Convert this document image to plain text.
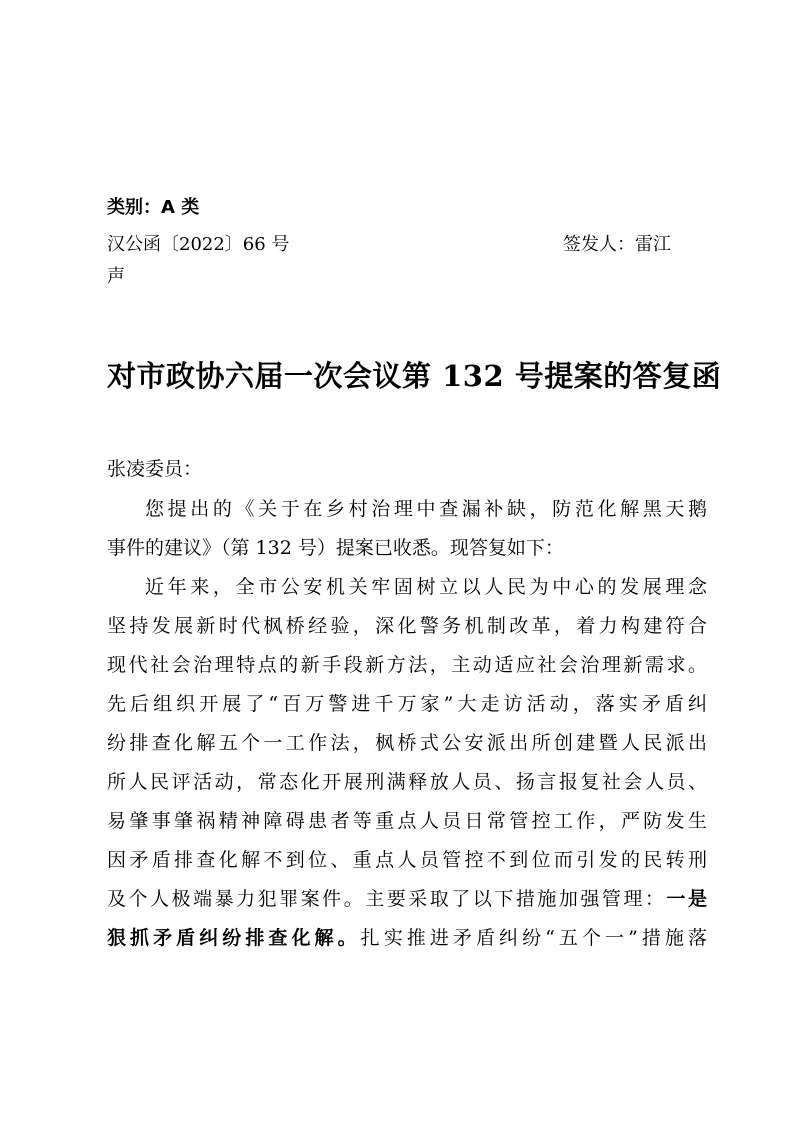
类别：A 类
汉公函〔2022〕66 号	签发人：雷江
声
对市政协六届一次会议第 132 号提案的答复函
张凌委员：
您提出的《关于在乡村治理中查漏补缺，防范化解黑天鹅
事件的建议》（第 132 号）提案已收悉。现答复如下：
近年来，全市公安机关牢固树立以人民为中心的发展理念
坚持发展新时代枫桥经验，深化警务机制改革，着力构建符合
现代社会治理特点的新手段新方法，主动适应社会治理新需求。
先后组织开展了“百万警进千万家”大走访活动，落实矛盾纠
纷排查化解五个一工作法，枫桥式公安派出所创建暨人民派出
所人民评活动，常态化开展刑满释放人员、扬言报复社会人员、
易肇事肇祸精神障碍患者等重点人员日常管控工作，严防发生
因矛盾排查化解不到位、重点人员管控不到位而引发的民转刑
及个人极端暴力犯罪案件。主要采取了以下措施加强管理：一是
狠抓矛盾纠纷排查化解。扎实推进矛盾纠纷“五个一”措施落
